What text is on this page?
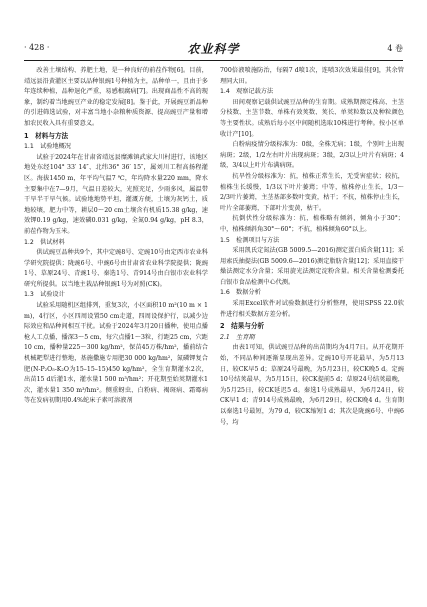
· 428 ·	农业科学	4 卷

改善土壤结构、养肥土地，是一种良好的前茬作物[6]。目前，靖远县沿黄灌区主要以品种银豌1号种植为主，品种单一，且由于多年连续种植，品种退化严重，易感根腐病[7]。出现商品性不高的现象，制约着当地豌豆产业的稳定发展[8]。鉴于此，开展豌豆新品种的引进筛选试验，对丰富当地小杂粮种质资源、提高豌豆产量和增加农民收入具有重要意义。

1　材料与方法

1.1　试验地概况

试验于2024年在甘肃省靖远县糜滩镇武家大川村进行，该地区地处东经104° 33′ 14″、北纬36° 36′ 15″，属刘川工程高扬程灌区。海拔1450 m，年平均气温7 ℃，年均降水量220 mm，降水主要集中在7—9月，气温日差较大，光照充足，少雨多风，属温带干旱半干旱气候。试验地地势平坦，灌溉方便，土壤为灰钙土，质地较壤，肥力中等，耕层0～20 cm土壤含有机质15.38 g/kg，速效钾0.19 g/kg，速效磷0.031 g/kg，全氮0.94 g/kg，pH 8.3，前茬作物为玉米。

1.2　供试材料

供试豌豆品种共9个，其中定豌8号、定豌10号由定西市农业科学研究院提供；陇豌6号、中豌6号由甘肃省农业科学院提供；陇豌1号、草原24号、青豌1号、秦选1号、青914号由白银市农业科学研究所提供。以当地主栽品种银豌1号为对照(CK)。

1.3　试验设计

试验采用随机区组排列，重复3次，小区面积10 m²(10 m × 1 m)，4行区，小区四周设置50 cm走道，四周设保护行，以减少边际效应和品种间相互干扰。试验于2024年3月20日播种，使用点播枪人工点播，播深3～5 cm，每穴点播1～3粒，行距25 cm，穴距10 cm，播种量225～300 kg/hm²，保苗45万株/hm²，播前结合机械耙犁进行整地，基施撒施专用肥30 000 kg/hm²，氮磷钾复合肥(N-P₂O₅-K₂O为15–15–15)450 kg/hm²，全生育期灌水2次，出苗15 d后灌1水，灌水量1 500 m³/hm²；开花期至始荚期灌水1次，灌水量1 350 m³/hm²。侧重蚜虫、白粉病、褐斑病、霜霉病等在发病初期用0.4%蛇床子素可溶液剂

700倍液喷施防治，每隔7 d喷1次，连喷3次效果最佳[9]，其余管理同大田。

1.4　观察记载方法

田间观察记载供试豌豆品种的生育期。成熟期测定株高、主茎分枝数、主茎节数、单株有效荚数、荚长、单荚粒数以及种粒颜色等主要性状。成熟后每小区中间随机选取10株进行考种。按小区单收计产[10]。

白粉病疫情分级标准为：0级，全株无病；1级，个别叶上出现病斑；2级，1/2左右叶片出现病斑；3级，2/3以上叶片有病斑；4级，3/4以上叶片布满病斑。

抗旱性分级标准为：抗，植株正常生长，无受害症状；较抗，植株生长缓慢，1/3以下叶片萎蔫；中等，植株停止生长，1/3～2/3叶片萎蔫，主茎基部多数叶变黄，枯干；不抗，植株停止生长，叶片全部萎蔫，下部叶片变黄，枯干。

抗倒伏性分级标准为：抗，植株略有倾斜，倾角小于30°；中，植株倾斜角30°～60°；不抗，植株倾角60°以上。

1.5　检测项目与方法

采用凯氏定氮法(GB 5009.5—2016)测定蛋白质含量[11]；采用索氏抽提法(GB 5009.6—2016)测定脂肪含量[12]；采用直接干燥法测定水分含量；采用旋光法测定淀粉含量。相关含量检测委托白银市食品检测中心代测。

1.6　数据分析

采用Excel软件对试验数据进行分析整理，使用SPSS 22.0软件进行相关数据方差分析。

2　结果与分析

2.1　生育期

由表1可知，供试豌豆品种的出苗期均为4月7日。从开花期开始，不同品种间逐渐显现出差异。定豌10号开花最早，为5月13日，较CK早5 d；草原24号最晚，为5月23日，较CK晚5 d。定豌10号结荚最早，为5月15日，较CK提前5 d；草原24号结荚最晚，为5月25日，较CK延迟5 d。秦选1号成熟最早，为6月24日，较CK早1 d；青914号成熟最晚，为6月29日，较CK晚4 d。生育期以秦选1号最短，为79 d，较CK缩短1 d；其次是陇豌6号、中豌6号，均
